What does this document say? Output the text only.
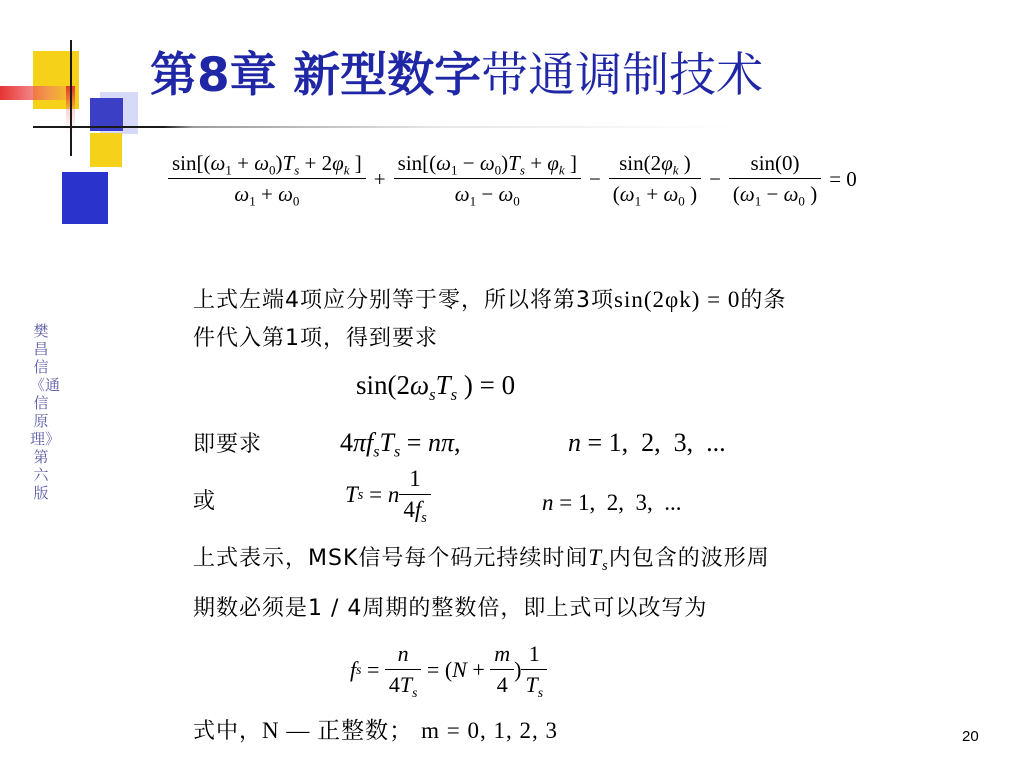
第8章 新型数字带通调制技术
樊昌信《通信原理》第六版
$\frac{\sin[(\omega_1 + \omega_0)T_s + 2\varphi_k ]}{\omega_1 + \omega_0} + \frac{\sin[(\omega_1 - \omega_0)T_s + \varphi_k ]}{\omega_1 - \omega_0} - \frac{\sin(2\varphi_k )}{(\omega_1 + \omega_0 )} - \frac{\sin(0)}{(\omega_1 - \omega_0 )} = 0$
上式左端4项应分别等于零，所以将第3项sin(2φk) = 0的条
件代入第1项，得到要求
$\sin(2\omega_sT_s$ ) = 0
即要求	$4\pi f_sT_s = n\pi$,	n = 1,  2,  3,  ...
或	T s = n $\frac{1}{4f_s}$	n = 1,  2,  3,  ...
上式表示，MSK信号每个码元持续时间$T_s$内包含的波形周
期数必须是1 / 4周期的整数倍，即上式可以改写为
f $s = \frac{n}{4T_s}$ = ( $N + \frac{m}{4}$ ) $\frac{1}{T_s}$
式中，N — 正整数； m = 0, 1, 2, 3	20
